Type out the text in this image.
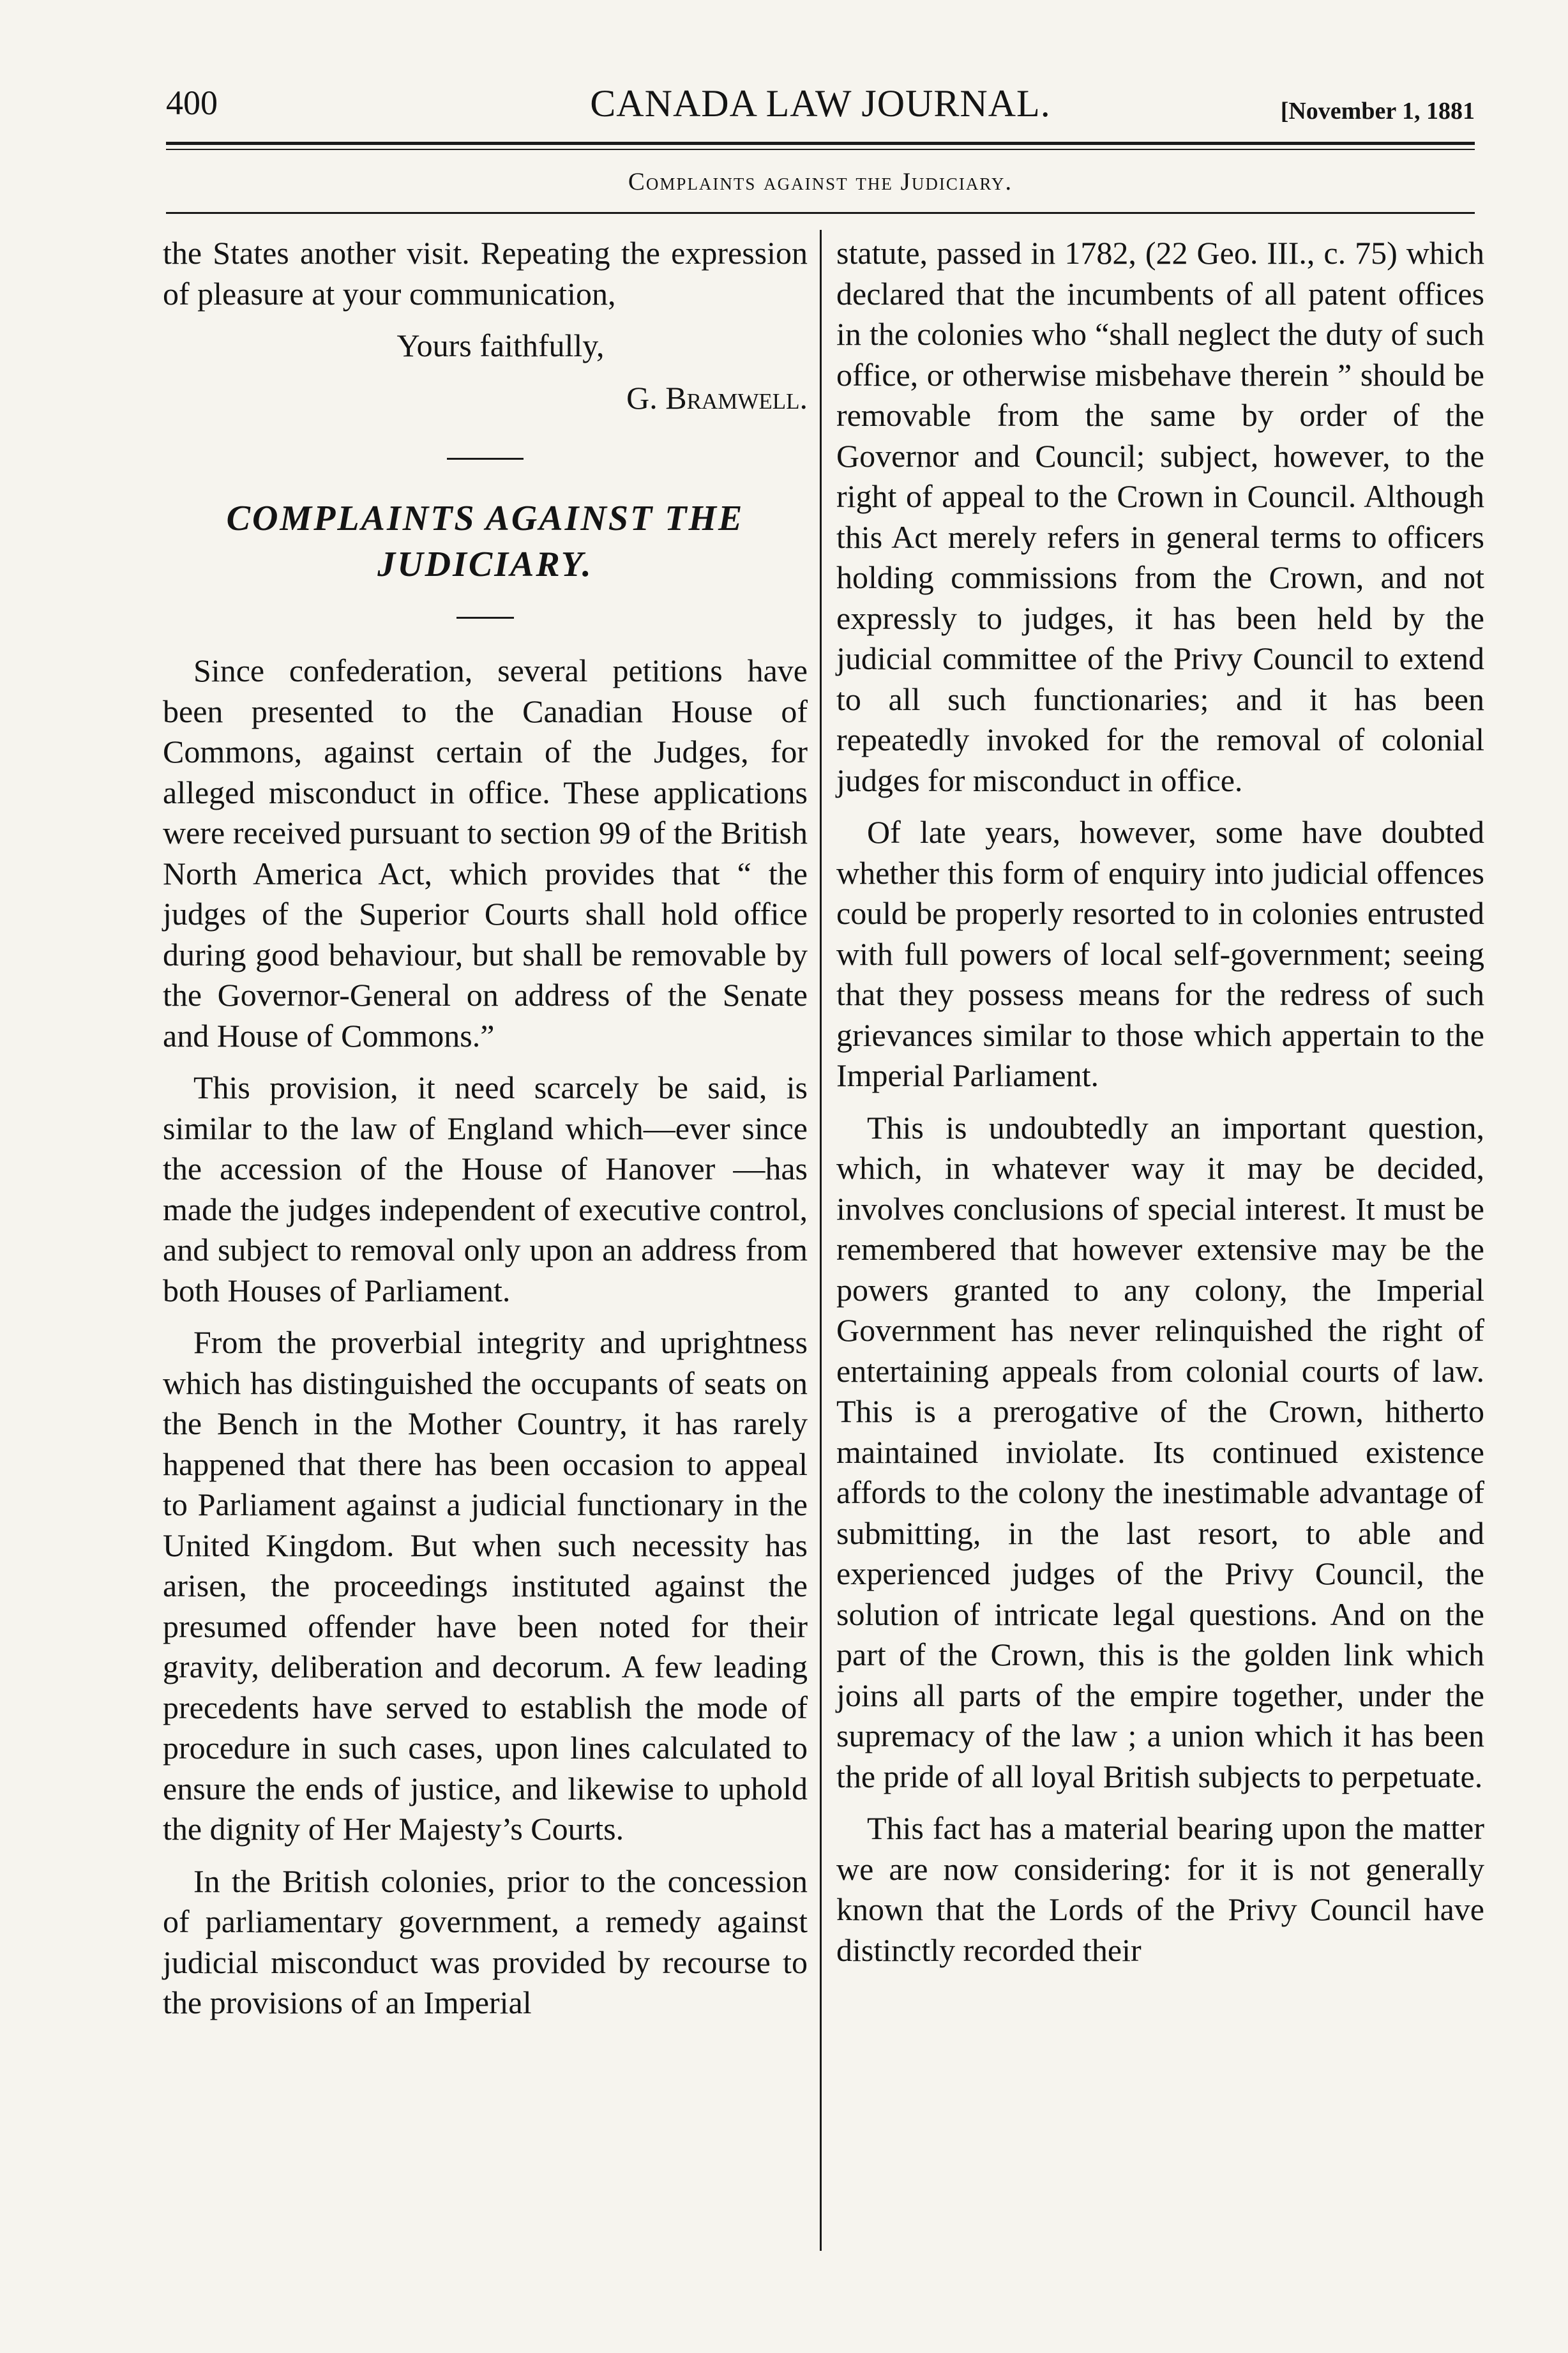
400	CANADA LAW JOURNAL.	[November 1, 1881
Complaints against the Judiciary.

the States another visit. Repeating the expression of pleasure at your communication,

Yours faithfully,

G. Bramwell.

COMPLAINTS AGAINST THE JUDICIARY.

Since confederation, several petitions have been presented to the Canadian House of Commons, against certain of the Judges, for alleged misconduct in office. These applications were received pursuant to section 99 of the British North America Act, which provides that “ the judges of the Superior Courts shall hold office during good behaviour, but shall be removable by the Governor-General on address of the Senate and House of Commons.”

This provision, it need scarcely be said, is similar to the law of England which—ever since the accession of the House of Hanover —has made the judges independent of executive control, and subject to removal only upon an address from both Houses of Parliament.

From the proverbial integrity and uprightness which has distinguished the occupants of seats on the Bench in the Mother Country, it has rarely happened that there has been occasion to appeal to Parliament against a judicial functionary in the United Kingdom. But when such necessity has arisen, the proceedings instituted against the presumed offender have been noted for their gravity, deliberation and decorum. A few leading precedents have served to establish the mode of procedure in such cases, upon lines calculated to ensure the ends of justice, and likewise to uphold the dignity of Her Majesty’s Courts.

In the British colonies, prior to the concession of parliamentary government, a remedy against judicial misconduct was provided by recourse to the provisions of an Imperial

statute, passed in 1782, (22 Geo. III., c. 75) which declared that the incumbents of all patent offices in the colonies who “shall neglect the duty of such office, or otherwise misbehave therein ” should be removable from the same by order of the Governor and Council; subject, however, to the right of appeal to the Crown in Council. Although this Act merely refers in general terms to officers holding commissions from the Crown, and not expressly to judges, it has been held by the judicial committee of the Privy Council to extend to all such functionaries; and it has been repeatedly invoked for the removal of colonial judges for misconduct in office.

Of late years, however, some have doubted whether this form of enquiry into judicial offences could be properly resorted to in colonies entrusted with full powers of local self-government; seeing that they possess means for the redress of such grievances similar to those which appertain to the Imperial Parliament.

This is undoubtedly an important question, which, in whatever way it may be decided, involves conclusions of special interest. It must be remembered that however extensive may be the powers granted to any colony, the Imperial Government has never relinquished the right of entertaining appeals from colonial courts of law. This is a prerogative of the Crown, hitherto maintained inviolate. Its continued existence affords to the colony the inestimable advantage of submitting, in the last resort, to able and experienced judges of the Privy Council, the solution of intricate legal questions. And on the part of the Crown, this is the golden link which joins all parts of the empire together, under the supremacy of the law ; a union which it has been the pride of all loyal British subjects to perpetuate.

This fact has a material bearing upon the matter we are now considering: for it is not generally known that the Lords of the Privy Council have distinctly recorded their
